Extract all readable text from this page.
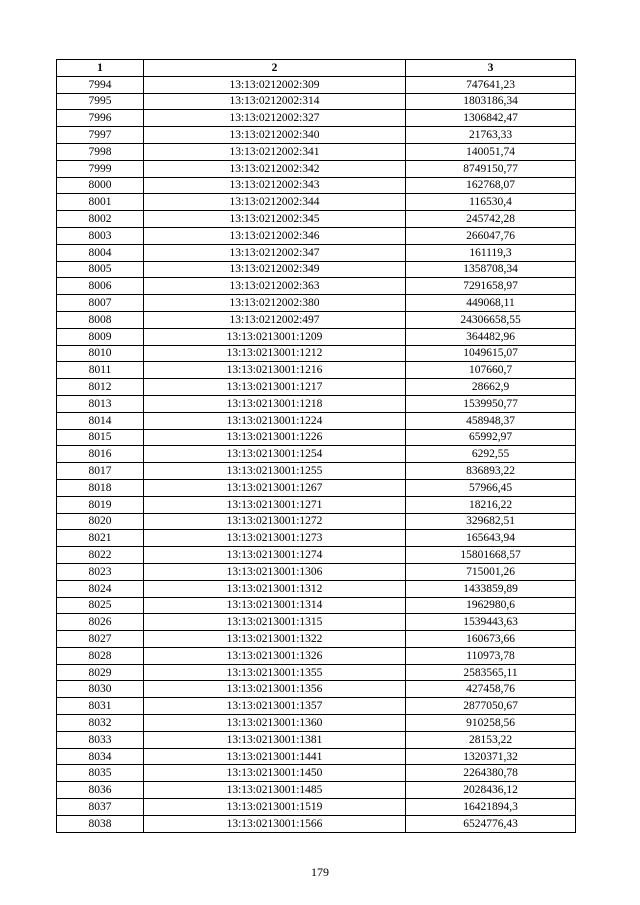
1	2	3
7994	13:13:0212002:309	747641,23
7995	13:13:0212002:314	1803186,34
7996	13:13:0212002:327	1306842,47
7997	13:13:0212002:340	21763,33
7998	13:13:0212002:341	140051,74
7999	13:13:0212002:342	8749150,77
8000	13:13:0212002:343	162768,07
8001	13:13:0212002:344	116530,4
8002	13:13:0212002:345	245742,28
8003	13:13:0212002:346	266047,76
8004	13:13:0212002:347	161119,3
8005	13:13:0212002:349	1358708,34
8006	13:13:0212002:363	7291658,97
8007	13:13:0212002:380	449068,11
8008	13:13:0212002:497	24306658,55
8009	13:13:0213001:1209	364482,96
8010	13:13:0213001:1212	1049615,07
8011	13:13:0213001:1216	107660,7
8012	13:13:0213001:1217	28662,9
8013	13:13:0213001:1218	1539950,77
8014	13:13:0213001:1224	458948,37
8015	13:13:0213001:1226	65992,97
8016	13:13:0213001:1254	6292,55
8017	13:13:0213001:1255	836893,22
8018	13:13:0213001:1267	57966,45
8019	13:13:0213001:1271	18216,22
8020	13:13:0213001:1272	329682,51
8021	13:13:0213001:1273	165643,94
8022	13:13:0213001:1274	15801668,57
8023	13:13:0213001:1306	715001,26
8024	13:13:0213001:1312	1433859,89
8025	13:13:0213001:1314	1962980,6
8026	13:13:0213001:1315	1539443,63
8027	13:13:0213001:1322	160673,66
8028	13:13:0213001:1326	110973,78
8029	13:13:0213001:1355	2583565,11
8030	13:13:0213001:1356	427458,76
8031	13:13:0213001:1357	2877050,67
8032	13:13:0213001:1360	910258,56
8033	13:13:0213001:1381	28153,22
8034	13:13:0213001:1441	1320371,32
8035	13:13:0213001:1450	2264380,78
8036	13:13:0213001:1485	2028436,12
8037	13:13:0213001:1519	16421894,3
8038	13:13:0213001:1566	6524776,43
179
